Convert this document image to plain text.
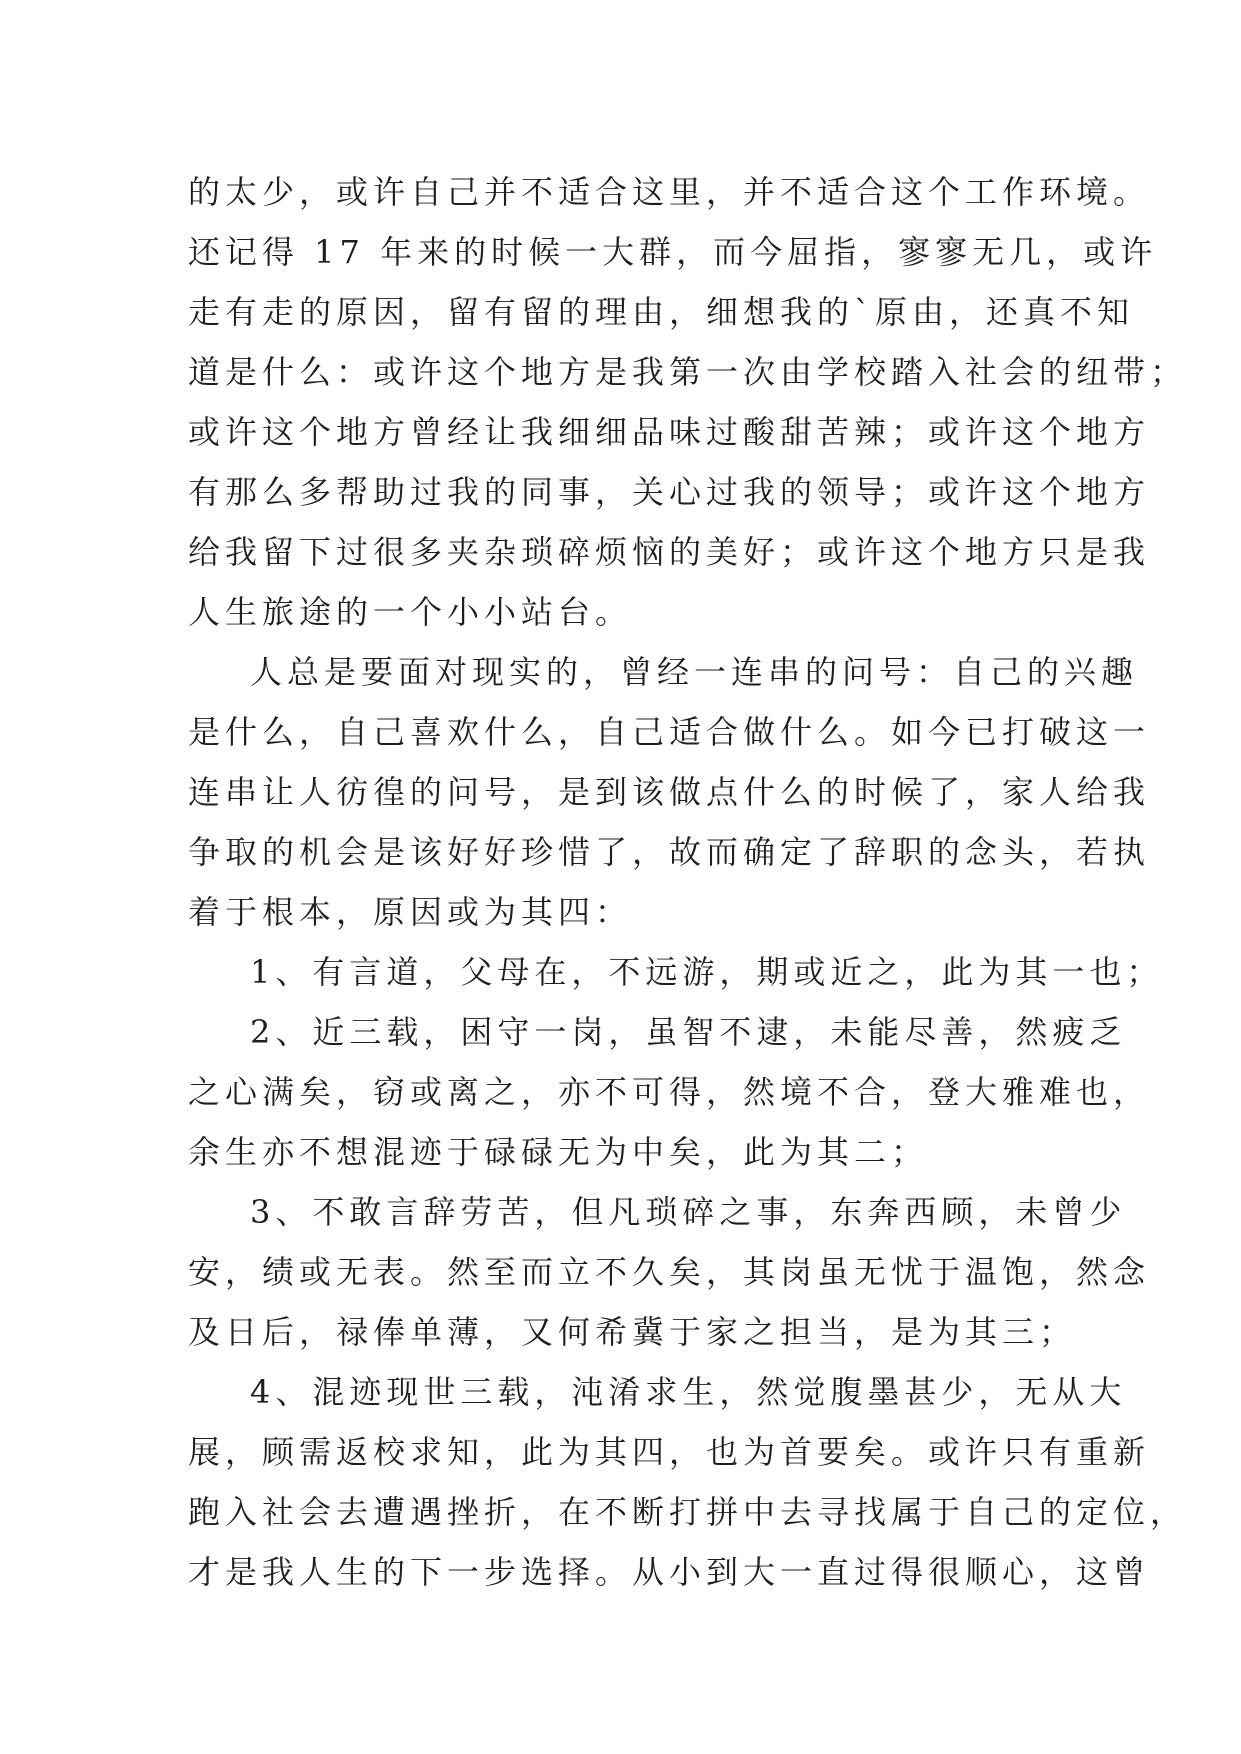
的太少，或许自己并不适合这里，并不适合这个工作环境。
还记得 17 年来的时候一大群，而今屈指，寥寥无几，或许
走有走的原因，留有留的理由，细想我的`原由，还真不知
道是什么：或许这个地方是我第一次由学校踏入社会的纽带；
或许这个地方曾经让我细细品味过酸甜苦辣；或许这个地方
有那么多帮助过我的同事，关心过我的领导；或许这个地方
给我留下过很多夹杂琐碎烦恼的美好；或许这个地方只是我
人生旅途的一个小小站台。
人总是要面对现实的，曾经一连串的问号：自己的兴趣
是什么，自己喜欢什么，自己适合做什么。如今已打破这一
连串让人彷徨的问号，是到该做点什么的时候了，家人给我
争取的机会是该好好珍惜了，故而确定了辞职的念头，若执
着于根本，原因或为其四：
1、有言道，父母在，不远游，期或近之，此为其一也；
2、近三载，困守一岗，虽智不逮，未能尽善，然疲乏
之心满矣，窃或离之，亦不可得，然境不合，登大雅难也，
余生亦不想混迹于碌碌无为中矣，此为其二；
3、不敢言辞劳苦，但凡琐碎之事，东奔西顾，未曾少
安，绩或无表。然至而立不久矣，其岗虽无忧于温饱，然念
及日后，禄俸单薄，又何希冀于家之担当，是为其三；
4、混迹现世三载，沌淆求生，然觉腹墨甚少，无从大
展，顾需返校求知，此为其四，也为首要矣。或许只有重新
跑入社会去遭遇挫折，在不断打拼中去寻找属于自己的定位，
才是我人生的下一步选择。从小到大一直过得很顺心，这曾
